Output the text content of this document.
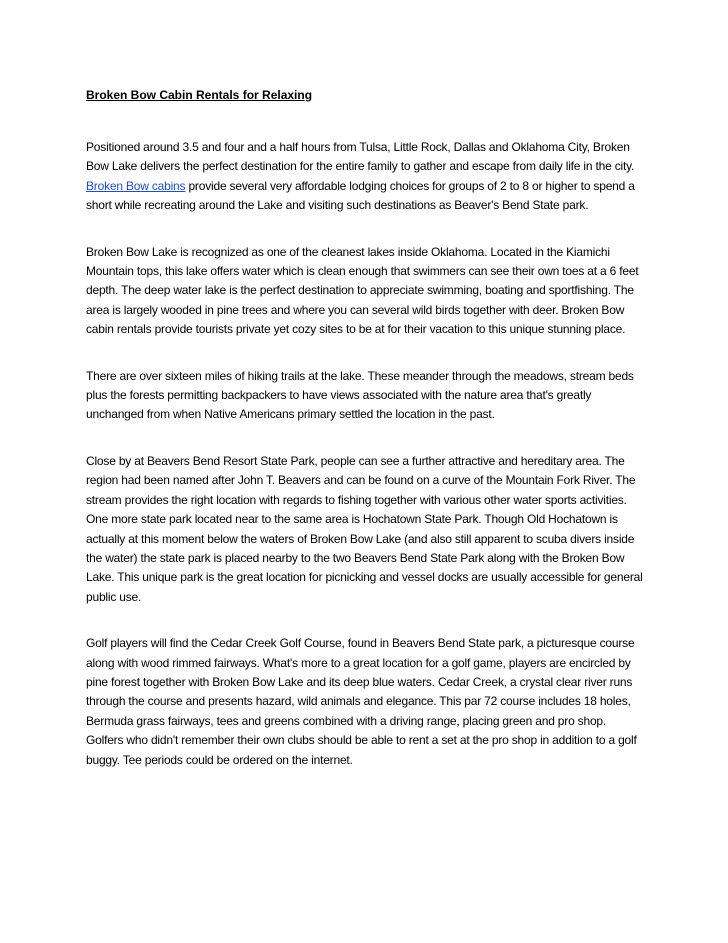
Broken Bow Cabin Rentals for Relaxing

Positioned around 3.5 and four and a half hours from Tulsa, Little Rock, Dallas and Oklahoma City, Broken Bow Lake delivers the perfect destination for the entire family to gather and escape from daily life in the city. Broken Bow cabins provide several very affordable lodging choices for groups of 2 to 8 or higher to spend a short while recreating around the Lake and visiting such destinations as Beaver's Bend State park.

Broken Bow Lake is recognized as one of the cleanest lakes inside Oklahoma. Located in the Kiamichi Mountain tops, this lake offers water which is clean enough that swimmers can see their own toes at a 6 feet depth. The deep water lake is the perfect destination to appreciate swimming, boating and sportfishing. The area is largely wooded in pine trees and where you can several wild birds together with deer. Broken Bow cabin rentals provide tourists private yet cozy sites to be at for their vacation to this unique stunning place.

There are over sixteen miles of hiking trails at the lake. These meander through the meadows, stream beds plus the forests permitting backpackers to have views associated with the nature area that's greatly unchanged from when Native Americans primary settled the location in the past.

Close by at Beavers Bend Resort State Park, people can see a further attractive and hereditary area. The region had been named after John T. Beavers and can be found on a curve of the Mountain Fork River. The stream provides the right location with regards to fishing together with various other water sports activities. One more state park located near to the same area is Hochatown State Park. Though Old Hochatown is actually at this moment below the waters of Broken Bow Lake (and also still apparent to scuba divers inside the water) the state park is placed nearby to the two Beavers Bend State Park along with the Broken Bow Lake. This unique park is the great location for picnicking and vessel docks are usually accessible for general public use.

Golf players will find the Cedar Creek Golf Course, found in Beavers Bend State park, a picturesque course along with wood rimmed fairways. What's more to a great location for a golf game, players are encircled by pine forest together with Broken Bow Lake and its deep blue waters. Cedar Creek, a crystal clear river runs through the course and presents hazard, wild animals and elegance. This par 72 course includes 18 holes, Bermuda grass fairways, tees and greens combined with a driving range, placing green and pro shop. Golfers who didn't remember their own clubs should be able to rent a set at the pro shop in addition to a golf buggy. Tee periods could be ordered on the internet.
